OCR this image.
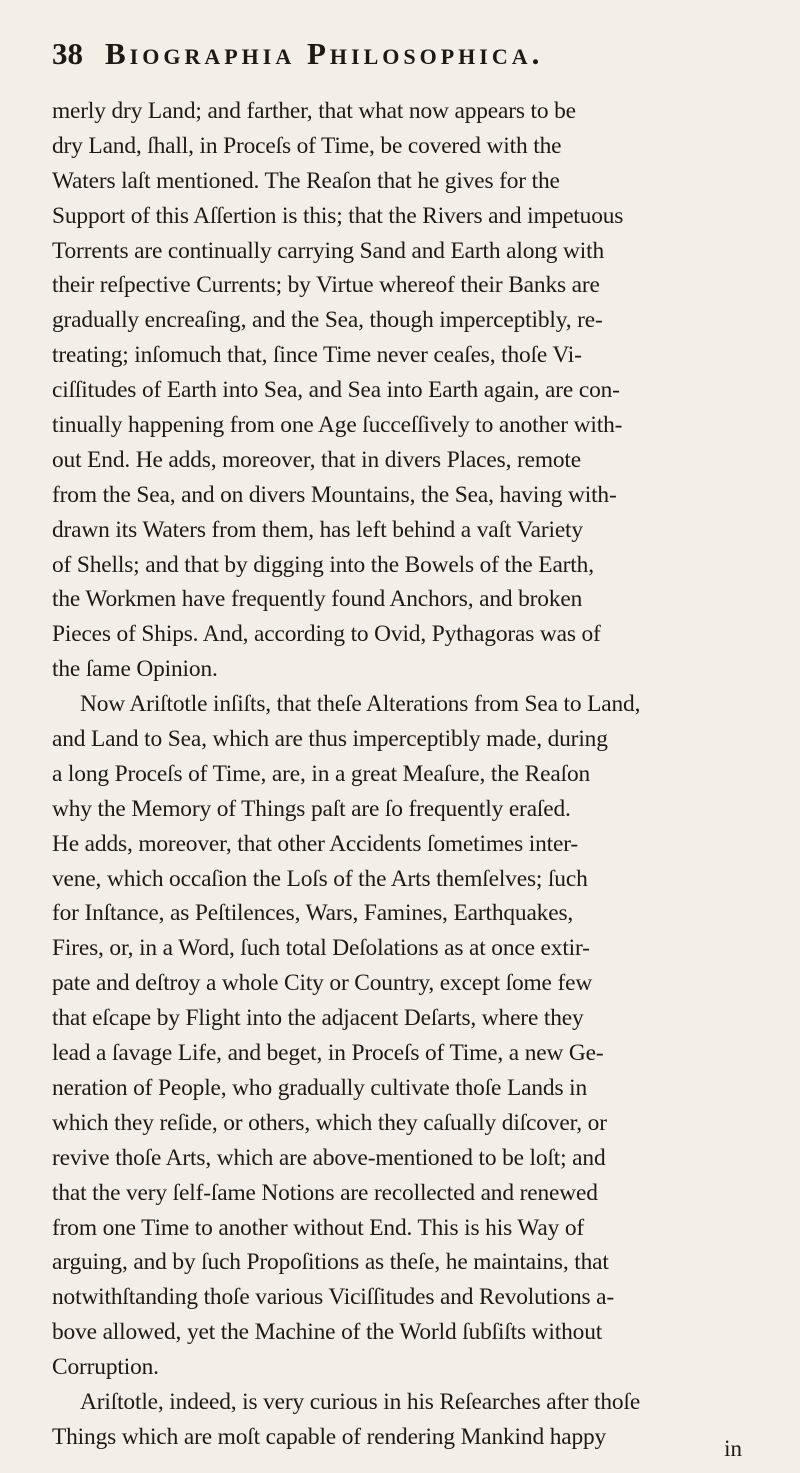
38 Biographia Philosophica.
merly dry Land; and farther, that what now appears to be
dry Land, ſhall, in Proceſs of Time, be covered with the
Waters laſt mentioned. The Reaſon that he gives for the
Support of this Aſſertion is this; that the Rivers and impetuous
Torrents are continually carrying Sand and Earth along with
their reſpective Currents; by Virtue whereof their Banks are
gradually encreaſing, and the Sea, though imperceptibly, re-
treating; inſomuch that, ſince Time never ceaſes, thoſe Vi-
ciſſitudes of Earth into Sea, and Sea into Earth again, are con-
tinually happening from one Age ſucceſſively to another with-
out End. He adds, moreover, that in divers Places, remote
from the Sea, and on divers Mountains, the Sea, having with-
drawn its Waters from them, has left behind a vaſt Variety
of Shells; and that by digging into the Bowels of the Earth,
the Workmen have frequently found Anchors, and broken
Pieces of Ships. And, according to Ovid, Pythagoras was of
the ſame Opinion.
Now Ariſtotle inſiſts, that theſe Alterations from Sea to Land,
and Land to Sea, which are thus imperceptibly made, during
a long Proceſs of Time, are, in a great Meaſure, the Reaſon
why the Memory of Things paſt are ſo frequently eraſed.
He adds, moreover, that other Accidents ſometimes inter-
vene, which occaſion the Loſs of the Arts themſelves; ſuch
for Inſtance, as Peſtilences, Wars, Famines, Earthquakes,
Fires, or, in a Word, ſuch total Deſolations as at once extir-
pate and deſtroy a whole City or Country, except ſome few
that eſcape by Flight into the adjacent Deſarts, where they
lead a ſavage Life, and beget, in Proceſs of Time, a new Ge-
neration of People, who gradually cultivate thoſe Lands in
which they reſide, or others, which they caſually diſcover, or
revive thoſe Arts, which are above-mentioned to be loſt; and
that the very ſelf-ſame Notions are recollected and renewed
from one Time to another without End. This is his Way of
arguing, and by ſuch Propoſitions as theſe, he maintains, that
notwithſtanding thoſe various Viciſſitudes and Revolutions a-
bove allowed, yet the Machine of the World ſubſiſts without
Corruption.
Ariſtotle, indeed, is very curious in his Reſearches after thoſe
Things which are moſt capable of rendering Mankind happy	in
